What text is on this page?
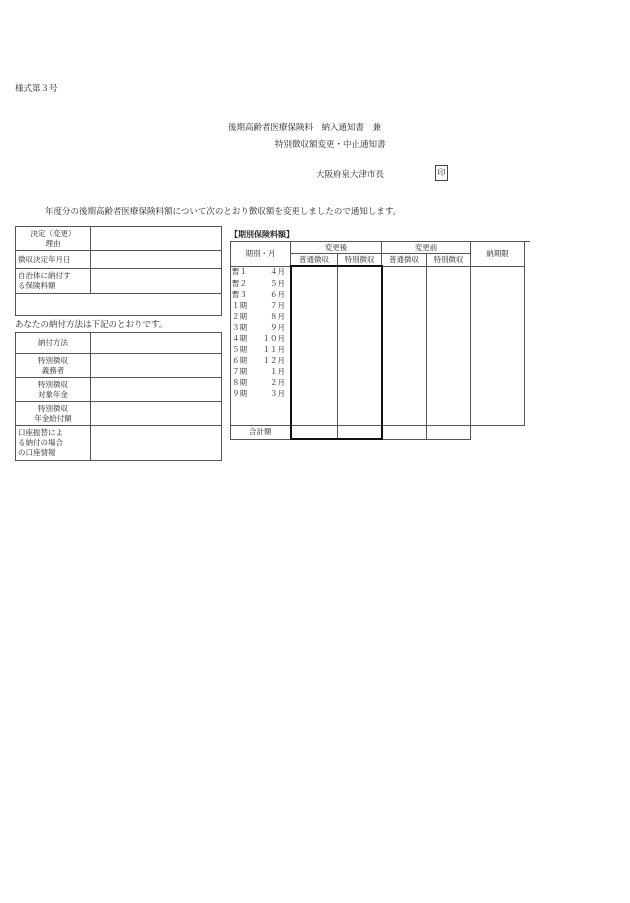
様式第３号
後期高齢者医療保険料　納入通知書　兼
特別徴収額変更・中止通知書
大阪府泉大津市長	印
年度分の後期高齢者医療保険料額について次のとおり徴収額を変更しましたので通知します。
決定（変更）
理由	
徴収決定年月日	
自治体に納付す
る保険料額	

あなたの納付方法は下記のとおりです。
納付方法	
特別徴収
義務者	
特別徴収
対象年金	
特別徴収
年金給付額	
口座振替によ
る納付の場合
の口座情報	
【期別保険料額】
期別・月	変更後		変更前		納期限
	普通徴収	特別徴収	普通徴収	特別徴収	
暫１ ４月					
暫２ ５月					
暫３ ６月					
１期 ７月					
２期 ８月					
３期 ９月					
４期 １０月					
５期 １１月					
６期 １２月					
７期 １月					
８期 ２月					
９期 ３月					

合計額					
